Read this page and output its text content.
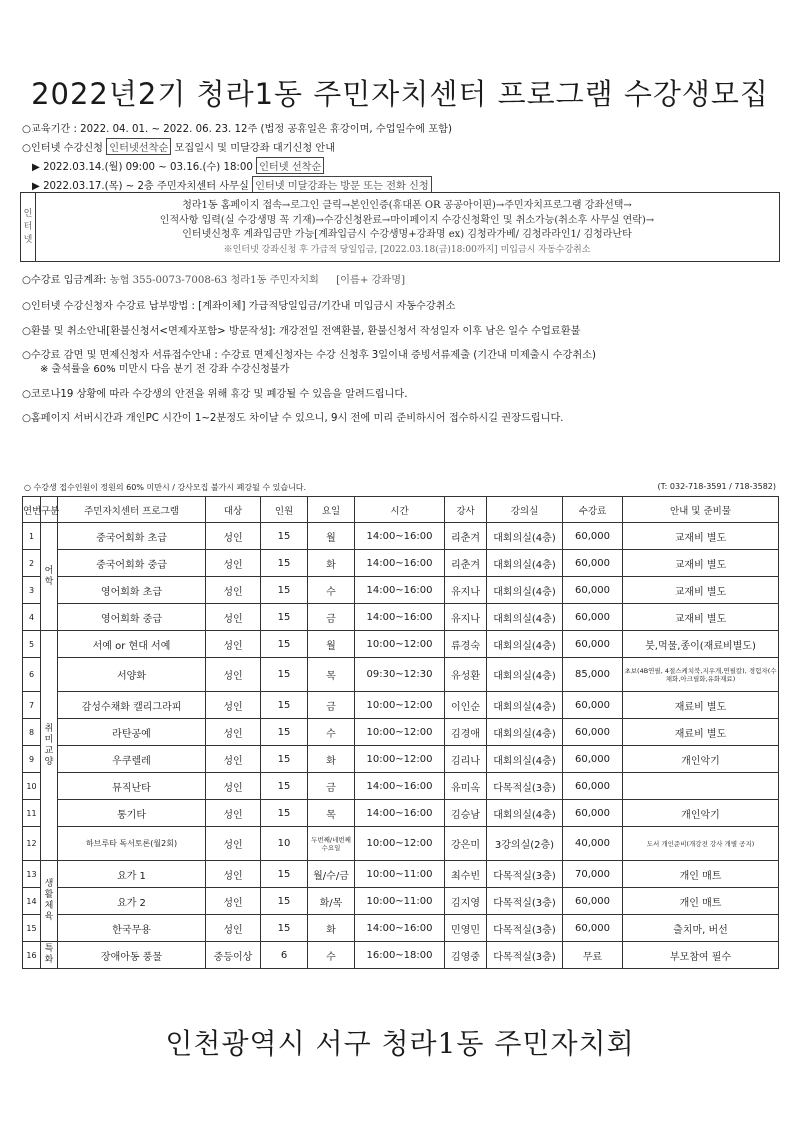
2022년2기 청라1동 주민자치센터 프로그램 수강생모집
○교육기간 : 2022. 04. 01. ~ 2022. 06. 23. 12주 (법정 공휴일은 휴강이며, 수업일수에 포함)
○인터넷 수강신청 인터넷선착순 모집일시 및 미달강좌 대기신청 안내
▶ 2022.03.14.(월) 09:00 ~ 03.16.(수) 18:00 인터넷 선착순
▶ 2022.03.17.(목) ~ 2층 주민자치센터 사무실 인터넷 미달강좌는 방문 또는 전화 신청
인
터
넷
청라1동 홈페이지 접속→로그인 클릭→본인인증(휴대폰 OR 공공아이핀)→주민자치프로그램 강좌선택→
인적사항 입력(실 수강생명 꼭 기재)→수강신청완료→마이페이지 수강신청확인 및 취소가능(취소후 사무실 연락)→
인터넷신청후 계좌입금만 가능[계좌입금시 수강생명+강좌명 ex) 김청라가베/ 김청라라인1/ 김청라난타
※인터넷 강좌신청 후 가급적 당일입금, [2022.03.18(금)18:00까지] 미입금시 자동수강취소
○수강료 입금계좌: 농협 355-0073-7008-63 청라1동 주민자치회 [이름+ 강좌명]
○인터넷 수강신청자 수강료 납부방법 : [계좌이체] 가급적당일입금/기간내 미입금시 자동수강취소
○환불 및 취소안내[환불신청서<면제자포함> 방문작성]: 개강전일 전액환불, 환불신청서 작성일자 이후 남은 일수 수업료환불
○수강료 감면 및 면제신청자 서류접수안내 : 수강료 면제신청자는 수강 신청후 3일이내 증빙서류제출 (기간내 미제출시 수강취소)
※ 출석률을 60% 미만시 다음 분기 전 강좌 수강신청불가
○코로나19 상황에 따라 수강생의 안전을 위해 휴강 및 폐강될 수 있음을 알려드립니다.
○홈페이지 서버시간과 개인PC 시간이 1~2분정도 차이날 수 있으니, 9시 전에 미리 준비하시어 접수하시길 권장드립니다.
○ 수강생 접수인원이 정원의 60% 미만시 / 강사모집 불가시 폐강될 수 있습니다.	(T: 032-718-3591 / 718-3582)
연번	구분	주민자치센터 프로그램	대상	인원	요일	시간	강사	강의실	수강료	안내 및 준비물
1	어학	중국어회화 초급	성인	15	월	14:00~16:00	리춘겨	대회의실(4층)	60,000	교재비 별도
2		중국어회화 중급	성인	15	화	14:00~16:00	리춘겨	대회의실(4층)	60,000	교재비 별도
3		영어회화 초급	성인	15	수	14:00~16:00	유지나	대회의실(4층)	60,000	교재비 별도
4		영어회화 중급	성인	15	금	14:00~16:00	유지나	대회의실(4층)	60,000	교재비 별도
5	취미교양	서예 or 현대 서예	성인	15	월	10:00~12:00	류경숙	대회의실(4층)	60,000	붓,먹물,종이(재료비별도)
6		서양화	성인	15	목	09:30~12:30	유성환	대회의실(4층)	85,000	초보(4B연필, 4절스케치북,지우개,연필칼), 경험자(수채화,아크릴화,유화재료)
7		감성수채화 캘리그라피	성인	15	금	10:00~12:00	이인순	대회의실(4층)	60,000	재료비 별도
8		라탄공예	성인	15	수	10:00~12:00	김경애	대회의실(4층)	60,000	재료비 별도
9		우쿠렐레	성인	15	화	10:00~12:00	김리나	대회의실(4층)	60,000	개인악기
10		뮤직난타	성인	15	금	14:00~16:00	유미옥	다목적실(3층)	60,000	
11		통기타	성인	15	목	14:00~16:00	김승남	대회의실(4층)	60,000	개인악기
12		하브루타 독서토론(월2회)	성인	10	두번째/네번째 수요일	10:00~12:00	강은미	3강의실(2층)	40,000	도서 개인준비(개강전 강사 개별 공지)
13	생활체육	요가 1	성인	15	월/수/금	10:00~11:00	최수빈	다목적실(3층)	70,000	개인 매트
14		요가 2	성인	15	화/목	10:00~11:00	김지영	다목적실(3층)	60,000	개인 매트
15		한국무용	성인	15	화	14:00~16:00	민영민	다목적실(3층)	60,000	출치마, 버선
16	특화	장애아동 풍물	중등이상	6	수	16:00~18:00	김영중	다목적실(3층)	무료	부모참여 필수
인천광역시 서구 청라1동 주민자치회
